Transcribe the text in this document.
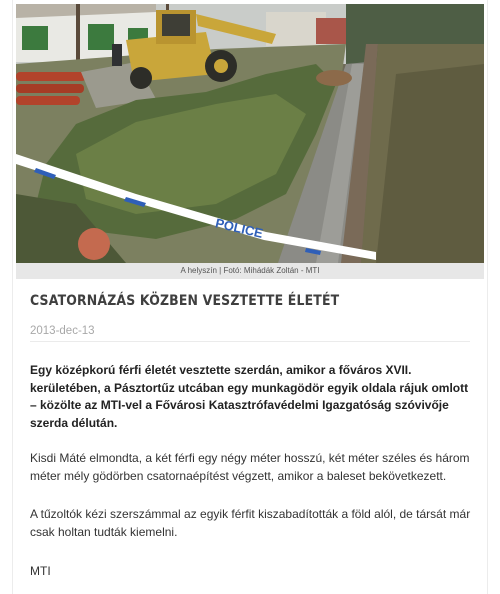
POLICE
A helyszín | Fotó: Mihádák Zoltán - MTI
CSATORNÁZÁS KÖZBEN VESZTETTE ÉLETÉT
2013-dec-13

Egy középkorú férfi életét vesztette szerdán, amikor a főváros XVII. kerületében, a Pásztortűz utcában egy munkagödör egyik oldala rájuk omlott – közölte az MTI-vel a Fővárosi Katasztrófavédelmi Igazgatóság szóvivője szerda délután.

Kisdi Máté elmondta, a két férfi egy négy méter hosszú, két méter széles és három méter mély gödörben csatornaépítést végzett, amikor a baleset bekövetkezett.

A tűzoltók kézi szerszámmal az egyik férfit kiszabadították a föld alól, de társát már csak holtan tudták kiemelni.

MTI
